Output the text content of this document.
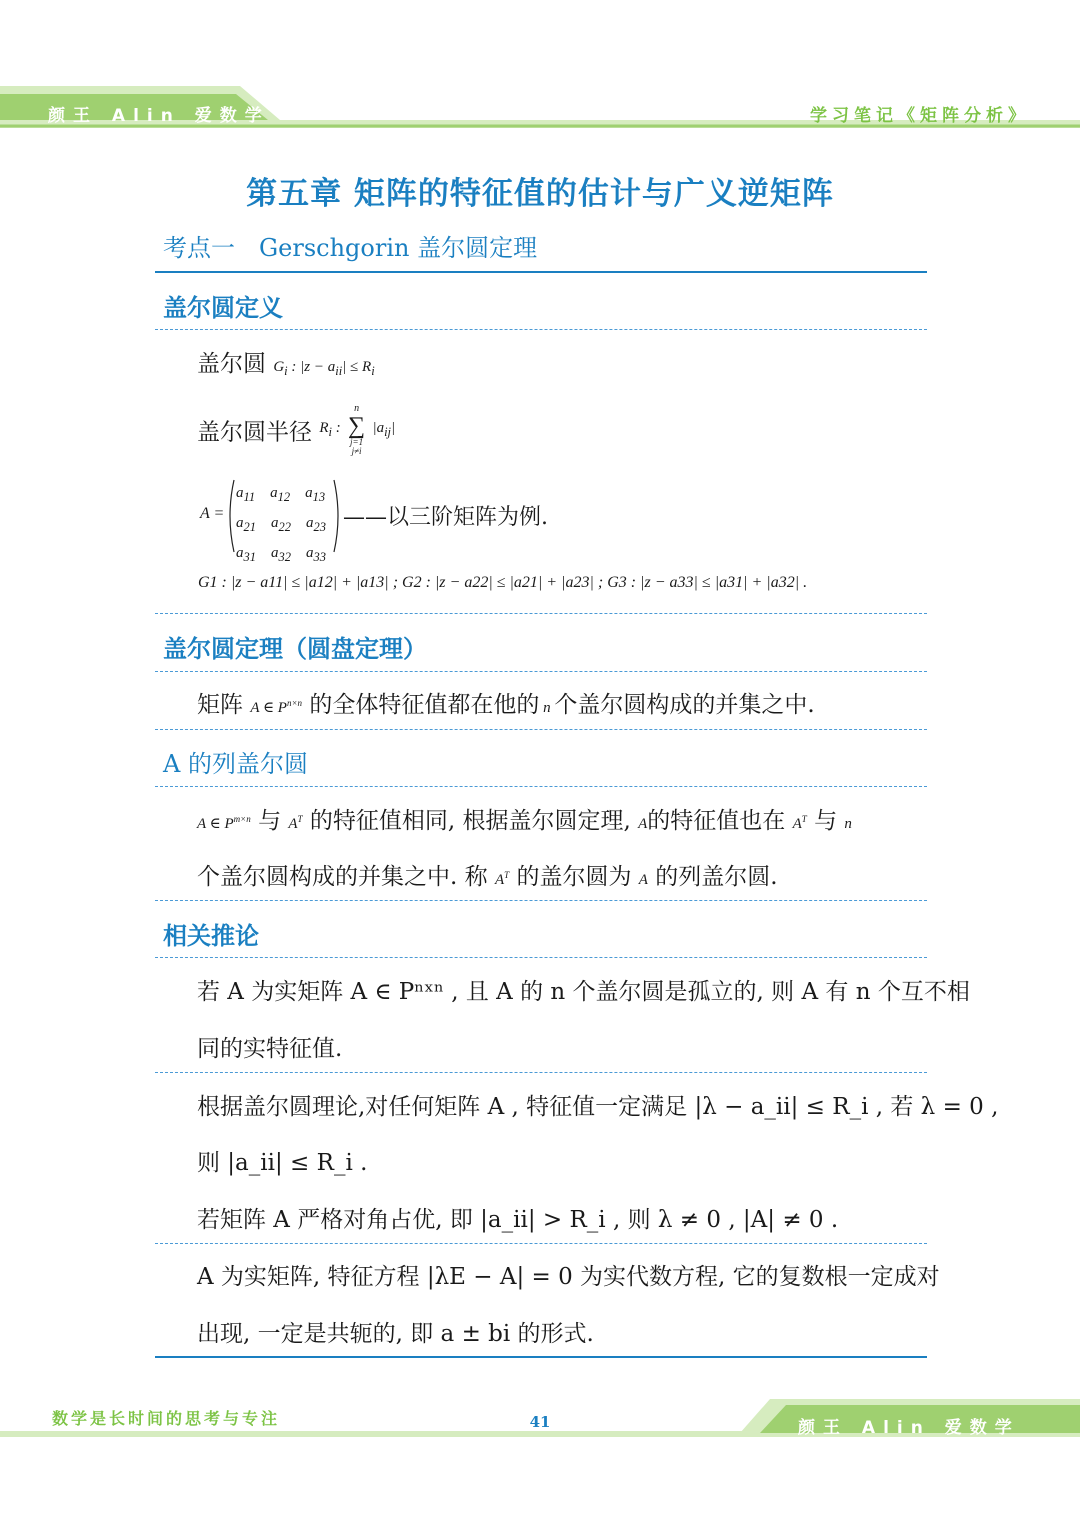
颜王 Alin 爱数学	学习笔记《矩阵分析》
第五章 矩阵的特征值的估计与广义逆矩阵
考点一　Gerschgorin 盖尔圆定理
盖尔圆定义
盖尔圆 $G_i$ : $|z - a_{ii}| \le R_i$
盖尔圆半径 $R_i$ :
n
∑
j=1
j≠i
$|a_{ij}|$
A =
$a_{11}$ $a_{12}$ $a_{13}$
$a_{21}$ $a_{22}$ $a_{23}$
$a_{31}$ $a_{32}$ $a_{33}$
——以三阶矩阵为例.
G1 : |z − a11| ≤ |a12| + |a13| ; G2 : |z − a22| ≤ |a21| + |a23| ; G3 : |z − a33| ≤ |a31| + |a32| .
盖尔圆定理（圆盘定理）
矩阵 A ∈ $P^{n\times n}$ 的全体特征值都在他的 n 个盖尔圆构成的并集之中.
A 的列盖尔圆
A ∈ $P^{m\times n}$ 与 $A^T$ 的特征值相同, 根据盖尔圆定理, A的特征值也在 $A^T$ 与 n
个盖尔圆构成的并集之中. 称 $A^T$ 的盖尔圆为 A 的列盖尔圆.
相关推论
若 A 为实矩阵 A ∈ Pⁿˣⁿ , 且 A 的 n 个盖尔圆是孤立的, 则 A 有 n 个互不相
同的实特征值.
根据盖尔圆理论,对任何矩阵 A , 特征值一定满足 |λ − a_ii| ≤ R_i , 若 λ = 0 ,
则 |a_ii| ≤ R_i .
若矩阵 A 严格对角占优, 即 |a_ii| > R_i , 则 λ ≠ 0 , |A| ≠ 0 .
A 为实矩阵, 特征方程 |λE − A| = 0 为实代数方程, 它的复数根一定成对
出现, 一定是共轭的, 即 a ± bi 的形式.
数学是长时间的思考与专注	41	颜王 Alin 爱数学
